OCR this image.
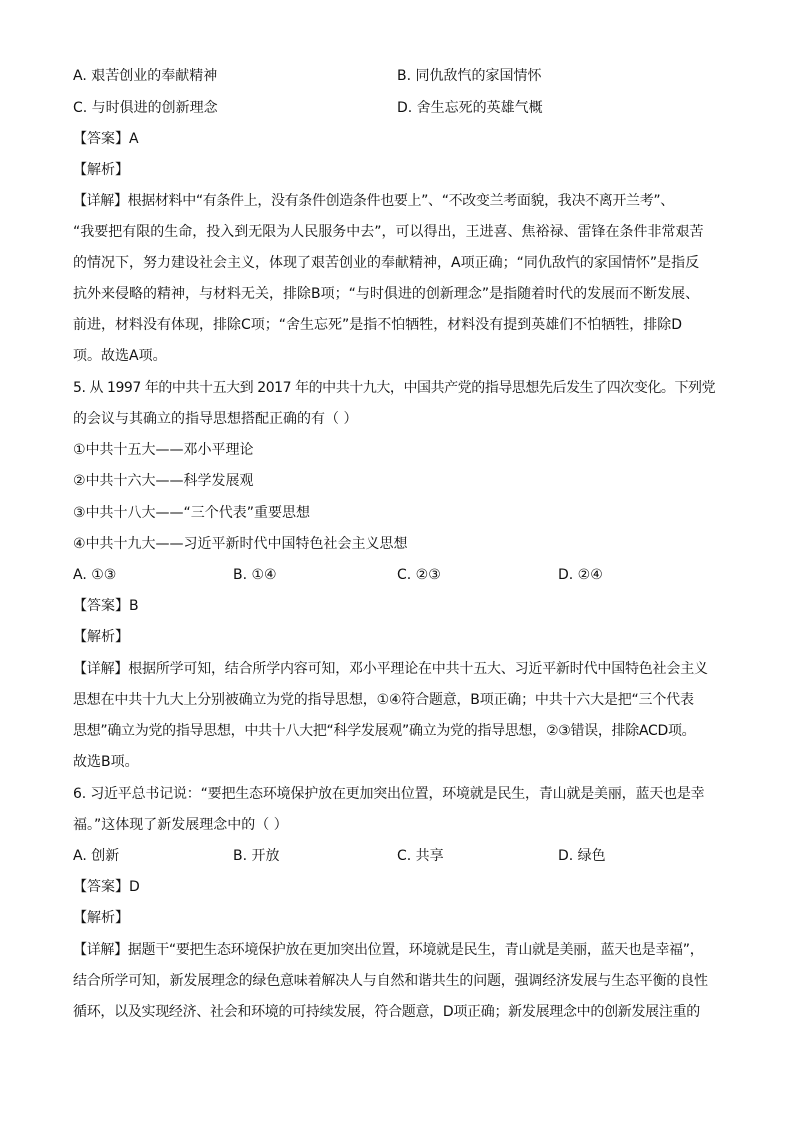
A. 艰苦创业的奉献精神	B. 同仇敌忾的家国情怀
C. 与时俱进的创新理念	D. 舍生忘死的英雄气概
【答案】A
【解析】
【详解】根据材料中“有条件上，没有条件创造条件也要上”、“不改变兰考面貌，我决不离开兰考”、
“我要把有限的生命，投入到无限为人民服务中去”，可以得出，王进喜、焦裕禄、雷锋在条件非常艰苦
的情况下，努力建设社会主义，体现了艰苦创业的奉献精神，A项正确；“同仇敌忾的家国情怀”是指反
抗外来侵略的精神，与材料无关，排除B项；“与时俱进的创新理念”是指随着时代的发展而不断发展、
前进，材料没有体现，排除C项；“舍生忘死”是指不怕牺牲，材料没有提到英雄们不怕牺牲，排除D
项。故选A项。
5. 从 1997 年的中共十五大到 2017 年的中共十九大，中国共产党的指导思想先后发生了四次变化。下列党
的会议与其确立的指导思想搭配正确的有（ ）
①中共十五大——邓小平理论
②中共十六大——科学发展观
③中共十八大——“三个代表”重要思想
④中共十九大——习近平新时代中国特色社会主义思想
A. ①③	B. ①④	C. ②③	D. ②④
【答案】B
【解析】
【详解】根据所学可知，结合所学内容可知，邓小平理论在中共十五大、习近平新时代中国特色社会主义
思想在中共十九大上分别被确立为党的指导思想，①④符合题意，B项正确；中共十六大是把“三个代表
思想”确立为党的指导思想，中共十八大把“科学发展观”确立为党的指导思想，②③错误，排除ACD项。
故选B项。
6. 习近平总书记说：“要把生态环境保护放在更加突出位置，环境就是民生，青山就是美丽，蓝天也是幸
福。”这体现了新发展理念中的（ ）
A. 创新	B. 开放	C. 共享	D. 绿色
【答案】D
【解析】
【详解】据题干“要把生态环境保护放在更加突出位置，环境就是民生，青山就是美丽，蓝天也是幸福”，
结合所学可知，新发展理念的绿色意味着解决人与自然和谐共生的问题，强调经济发展与生态平衡的良性
循环，以及实现经济、社会和环境的可持续发展，符合题意，D项正确；新发展理念中的创新发展注重的
